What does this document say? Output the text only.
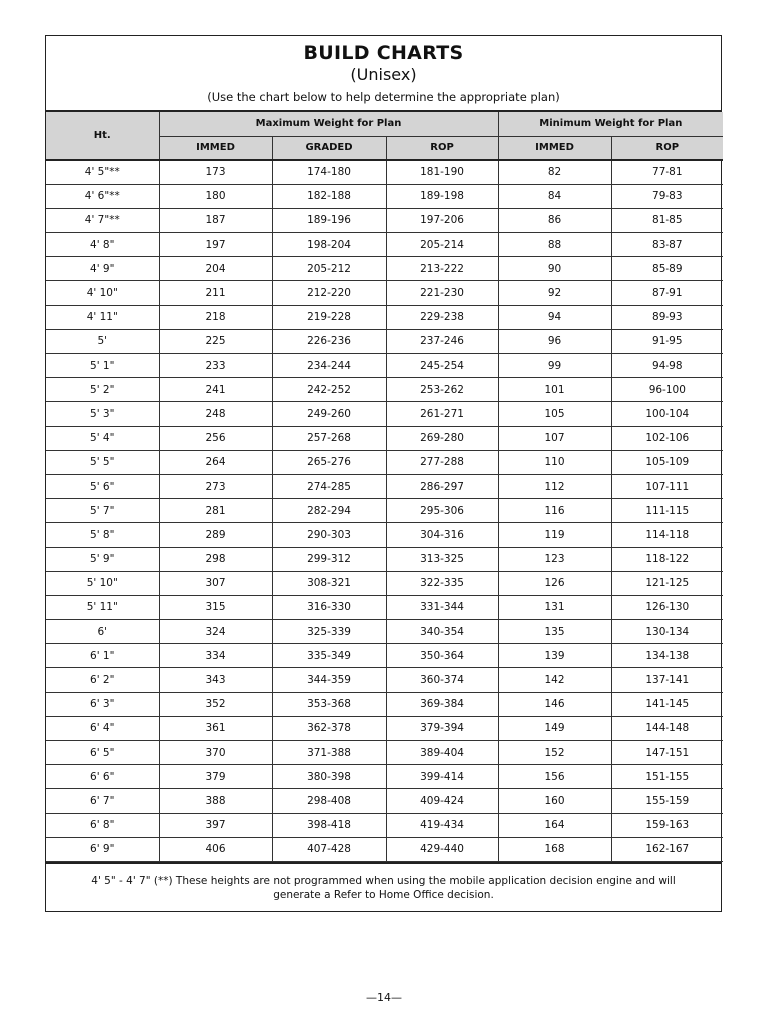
BUILD CHARTS
(Unisex)
(Use the chart below to help determine the appropriate plan)
Ht.	Maximum Weight for Plan			Minimum Weight for Plan	
	IMMED	GRADED	ROP	IMMED	ROP
4' 5"**	173	174-180	181-190	82	77-81
4' 6"**	180	182-188	189-198	84	79-83
4' 7"**	187	189-196	197-206	86	81-85
4' 8"	197	198-204	205-214	88	83-87
4' 9"	204	205-212	213-222	90	85-89
4' 10"	211	212-220	221-230	92	87-91
4' 11"	218	219-228	229-238	94	89-93
5'	225	226-236	237-246	96	91-95
5' 1"	233	234-244	245-254	99	94-98
5' 2"	241	242-252	253-262	101	96-100
5' 3"	248	249-260	261-271	105	100-104
5' 4"	256	257-268	269-280	107	102-106
5' 5"	264	265-276	277-288	110	105-109
5' 6"	273	274-285	286-297	112	107-111
5' 7"	281	282-294	295-306	116	111-115
5' 8"	289	290-303	304-316	119	114-118
5' 9"	298	299-312	313-325	123	118-122
5' 10"	307	308-321	322-335	126	121-125
5' 11"	315	316-330	331-344	131	126-130
6'	324	325-339	340-354	135	130-134
6' 1"	334	335-349	350-364	139	134-138
6' 2"	343	344-359	360-374	142	137-141
6' 3"	352	353-368	369-384	146	141-145
6' 4"	361	362-378	379-394	149	144-148
6' 5"	370	371-388	389-404	152	147-151
6' 6"	379	380-398	399-414	156	151-155
6' 7"	388	298-408	409-424	160	155-159
6' 8"	397	398-418	419-434	164	159-163
6' 9"	406	407-428	429-440	168	162-167
4' 5" - 4' 7" (**) These heights are not programmed when using the mobile application decision engine and will generate a Refer to Home Office decision.
—14—
